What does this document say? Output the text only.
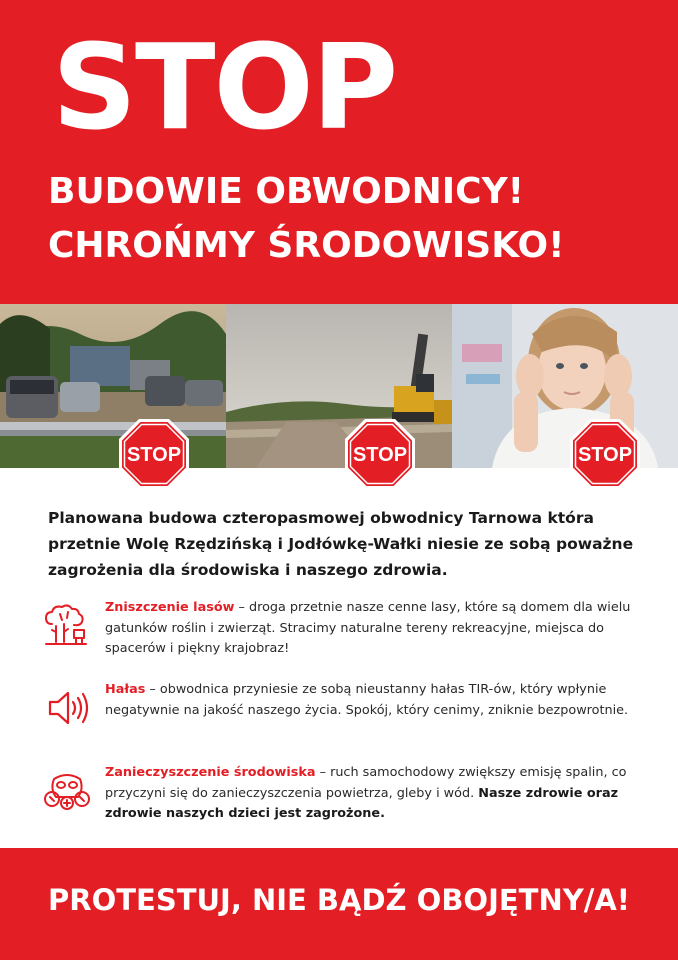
STOP
BUDOWIE OBWODNICY!
CHROŃMY ŚRODOWISKO!
STOP	STOP	STOP

Planowana budowa czteropasmowej obwodnicy Tarnowa która przetnie Wolę Rzędzińską i Jodłówkę-Wałki niesie ze sobą poważne zagrożenia dla środowiska i naszego zdrowia.

Zniszczenie lasów – droga przetnie nasze cenne lasy, które są domem dla wielu gatunków roślin i zwierząt. Stracimy naturalne tereny rekreacyjne, miejsca do spacerów i piękny krajobraz!

Hałas – obwodnica przyniesie ze sobą nieustanny hałas TIR-ów, który wpłynie negatywnie na jakość naszego życia. Spokój, który cenimy, zniknie bezpowrotnie.

Zanieczyszczenie środowiska – ruch samochodowy zwiększy emisję spalin, co przyczyni się do zanieczyszczenia powietrza, gleby i wód. Nasze zdrowie oraz zdrowie naszych dzieci jest zagrożone.

PROTESTUJ, NIE BĄDŹ OBOJĘTNY/A!
